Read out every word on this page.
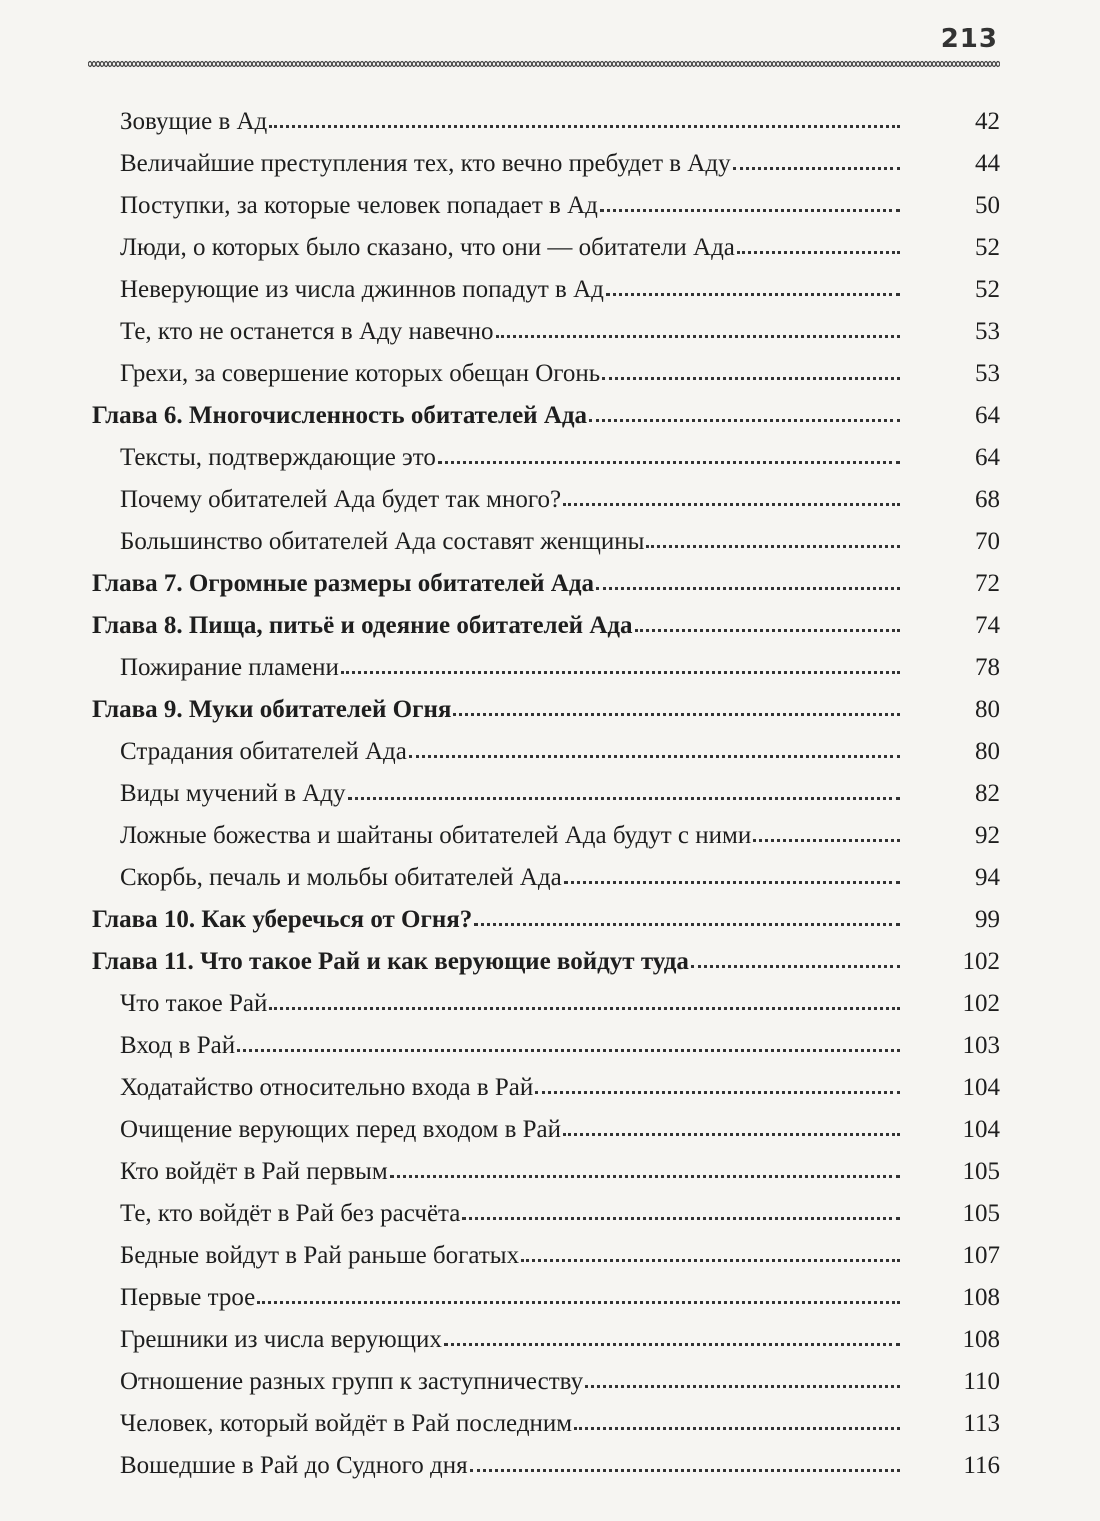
213
Зовущие в Ад	42
Величайшие преступления тех, кто вечно пребудет в Аду	44
Поступки, за которые человек попадает в Ад	50
Люди, о которых было сказано, что они — обитатели Ада	52
Неверующие из числа джиннов попадут в Ад	52
Те, кто не останется в Аду навечно	53
Грехи, за совершение которых обещан Огонь	53
Глава 6. Многочисленность обитателей Ада	64
Тексты, подтверждающие это	64
Почему обитателей Ада будет так много?	68
Большинство обитателей Ада составят женщины	70
Глава 7. Огромные размеры обитателей Ада	72
Глава 8. Пища, питьё и одеяние обитателей Ада	74
Пожирание пламени	78
Глава 9. Муки обитателей Огня	80
Страдания обитателей Ада	80
Виды мучений в Аду	82
Ложные божества и шайтаны обитателей Ада будут с ними	92
Скорбь, печаль и мольбы обитателей Ада	94
Глава 10. Как уберечься от Огня?	99
Глава 11. Что такое Рай и как верующие войдут туда	102
Что такое Рай	102
Вход в Рай	103
Ходатайство относительно входа в Рай	104
Очищение верующих перед входом в Рай	104
Кто войдёт в Рай первым	105
Те, кто войдёт в Рай без расчёта	105
Бедные войдут в Рай раньше богатых	107
Первые трое	108
Грешники из числа верующих	108
Отношение разных групп к заступничеству	110
Человек, который войдёт в Рай последним	113
Вошедшие в Рай до Судного дня	116
